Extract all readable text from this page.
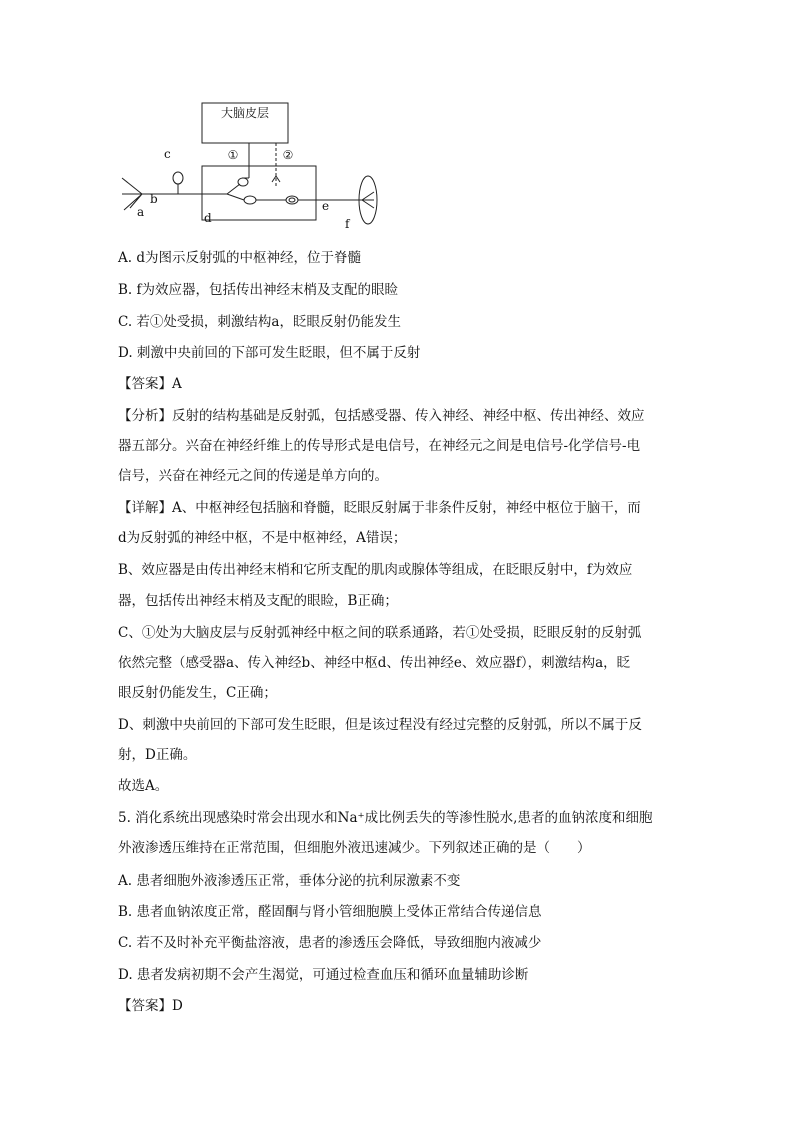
大脑皮层
①	②
a
b
c
d
e
f
A. d为图示反射弧的中枢神经，位于脊髓
B. f为效应器，包括传出神经末梢及支配的眼睑
C. 若①处受损，刺激结构a，眨眼反射仍能发生
D. 刺激中央前回的下部可发生眨眼，但不属于反射
【答案】A
【分析】反射的结构基础是反射弧，包括感受器、传入神经、神经中枢、传出神经、效应
器五部分。兴奋在神经纤维上的传导形式是电信号，在神经元之间是电信号-化学信号-电
信号，兴奋在神经元之间的传递是单方向的。
【详解】A、中枢神经包括脑和脊髓，眨眼反射属于非条件反射，神经中枢位于脑干，而
d为反射弧的神经中枢，不是中枢神经，A错误；
B、效应器是由传出神经末梢和它所支配的肌肉或腺体等组成，在眨眼反射中，f为效应
器，包括传出神经末梢及支配的眼睑，B正确；
C、①处为大脑皮层与反射弧神经中枢之间的联系通路，若①处受损，眨眼反射的反射弧
依然完整（感受器a、传入神经b、神经中枢d、传出神经e、效应器f），刺激结构a，眨
眼反射仍能发生，C正确；
D、刺激中央前回的下部可发生眨眼，但是该过程没有经过完整的反射弧，所以不属于反
射，D正确。
故选A。
5. 消化系统出现感染时常会出现水和Na⁺成比例丢失的等渗性脱水,患者的血钠浓度和细胞
外液渗透压维持在正常范围，但细胞外液迅速减少。下列叙述正确的是（　　）
A. 患者细胞外液渗透压正常，垂体分泌的抗利尿激素不变
B. 患者血钠浓度正常，醛固酮与肾小管细胞膜上受体正常结合传递信息
C. 若不及时补充平衡盐溶液，患者的渗透压会降低，导致细胞内液减少
D. 患者发病初期不会产生渴觉，可通过检查血压和循环血量辅助诊断
【答案】D
